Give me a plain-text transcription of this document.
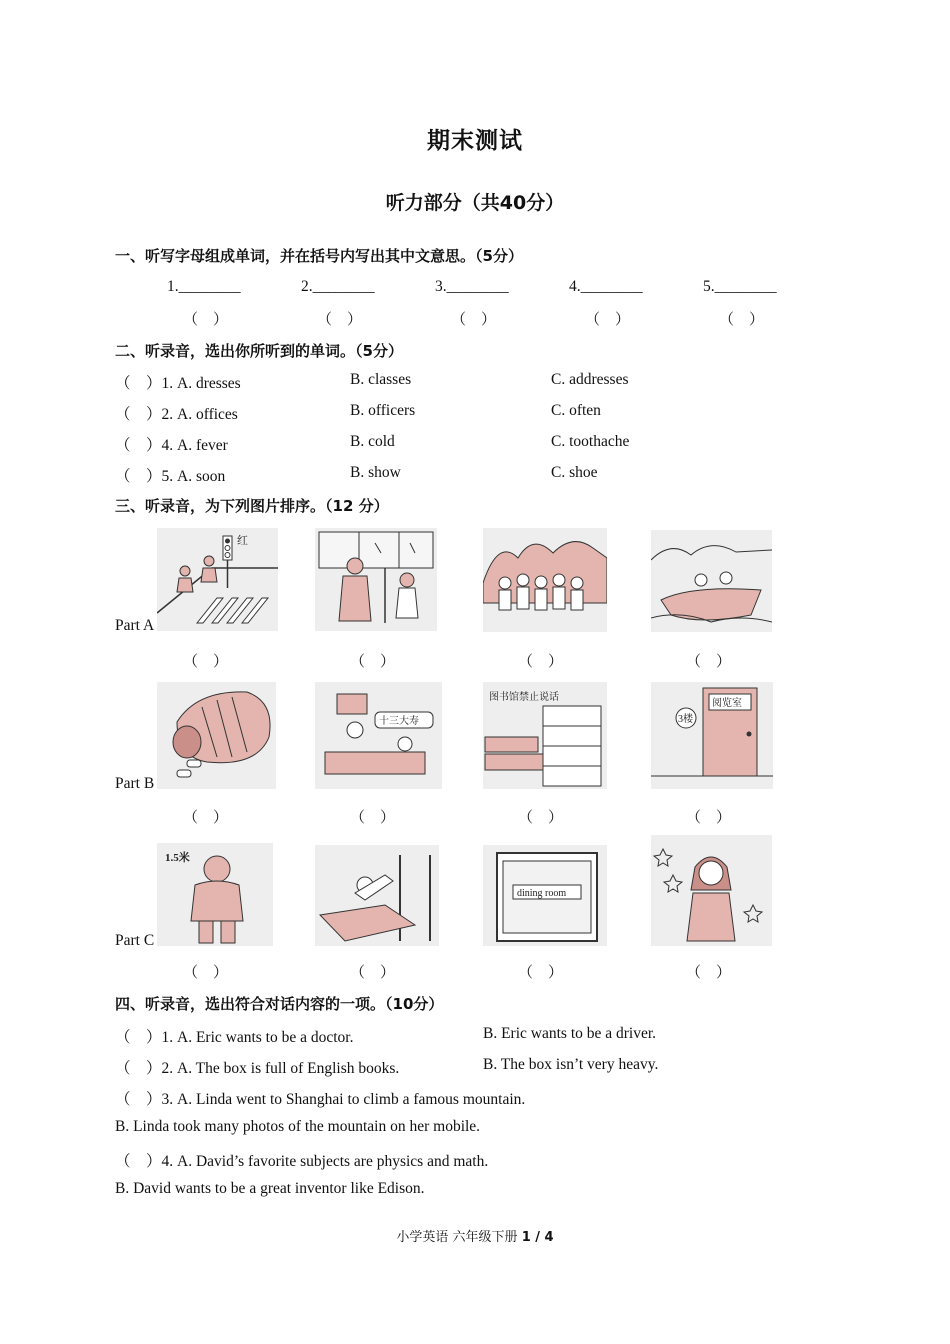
期末测试
听力部分（共40分）
一、听写字母组成单词，并在括号内写出其中文意思。（5分）
1.________	2.________	3.________	4.________	5.________
（　）	（　）	（　）	（　）	（　）
二、听录音，选出你所听到的单词。（5分）
（　）1. A. dresses	B. classes	C. addresses
（　）2. A. offices	B. officers	C. often
（　）4. A. fever	B. cold	C. toothache
（　）5. A. soon	B. show	C. shoe
三、听录音，为下列图片排序。（12 分）
Part A
红
（　）	（　）	（　）	（　）
Part B
十三大寿
图书馆禁止说话
阅览室
3楼
（　）	（　）	（　）	（　）
Part C
1.5米
dining room
（　）	（　）	（　）	（　）
四、听录音，选出符合对话内容的一项。（10分）
（　）1. A. Eric wants to be a doctor.	B. Eric wants to be a driver.
（　）2. A. The box is full of English books.	B. The box isn’t very heavy.
（　）3. A. Linda went to Shanghai to climb a famous mountain.
B. Linda took many photos of the mountain on her mobile.
（　）4. A. David’s favorite subjects are physics and math.
B. David wants to be a great inventor like Edison.
小学英语 六年级下册 1 / 4
